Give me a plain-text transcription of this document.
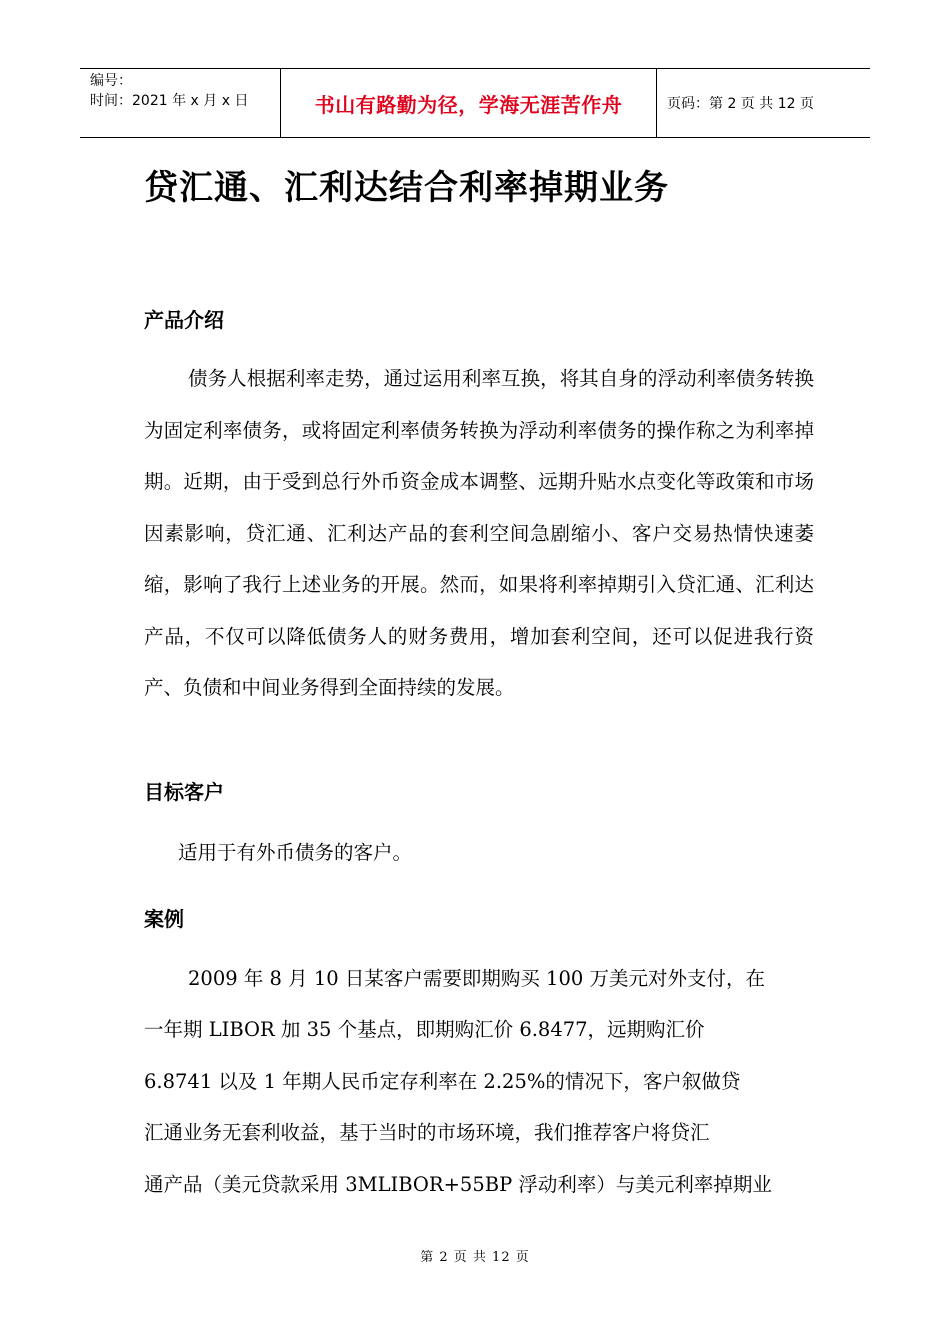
编号：
时间：2021 年 x 月 x 日	书山有路勤为径，学海无涯苦作舟	页码：第 2 页 共 12 页
贷汇通、汇利达结合利率掉期业务
产品介绍

债务人根据利率走势，通过运用利率互换，将其自身的浮动利率债务转换为固定利率债务，或将固定利率债务转换为浮动利率债务的操作称之为利率掉期。近期，由于受到总行外币资金成本调整、远期升贴水点变化等政策和市场因素影响，贷汇通、汇利达产品的套利空间急剧缩小、客户交易热情快速萎缩，影响了我行上述业务的开展。然而，如果将利率掉期引入贷汇通、汇利达产品，不仅可以降低债务人的财务费用，增加套利空间，还可以促进我行资产、负债和中间业务得到全面持续的发展。

目标客户

适用于有外币债务的客户。

案例
2009 年 8 月 10 日某客户需要即期购买 100 万美元对外支付，在
一年期 LIBOR 加 35 个基点，即期购汇价 6.8477，远期购汇价
6.8741 以及 1 年期人民币定存利率在 2.25%的情况下，客户叙做贷
汇通业务无套利收益，基于当时的市场环境，我们推荐客户将贷汇
通产品（美元贷款采用 3MLIBOR+55BP 浮动利率）与美元利率掉期业
第 2 页 共 12 页
